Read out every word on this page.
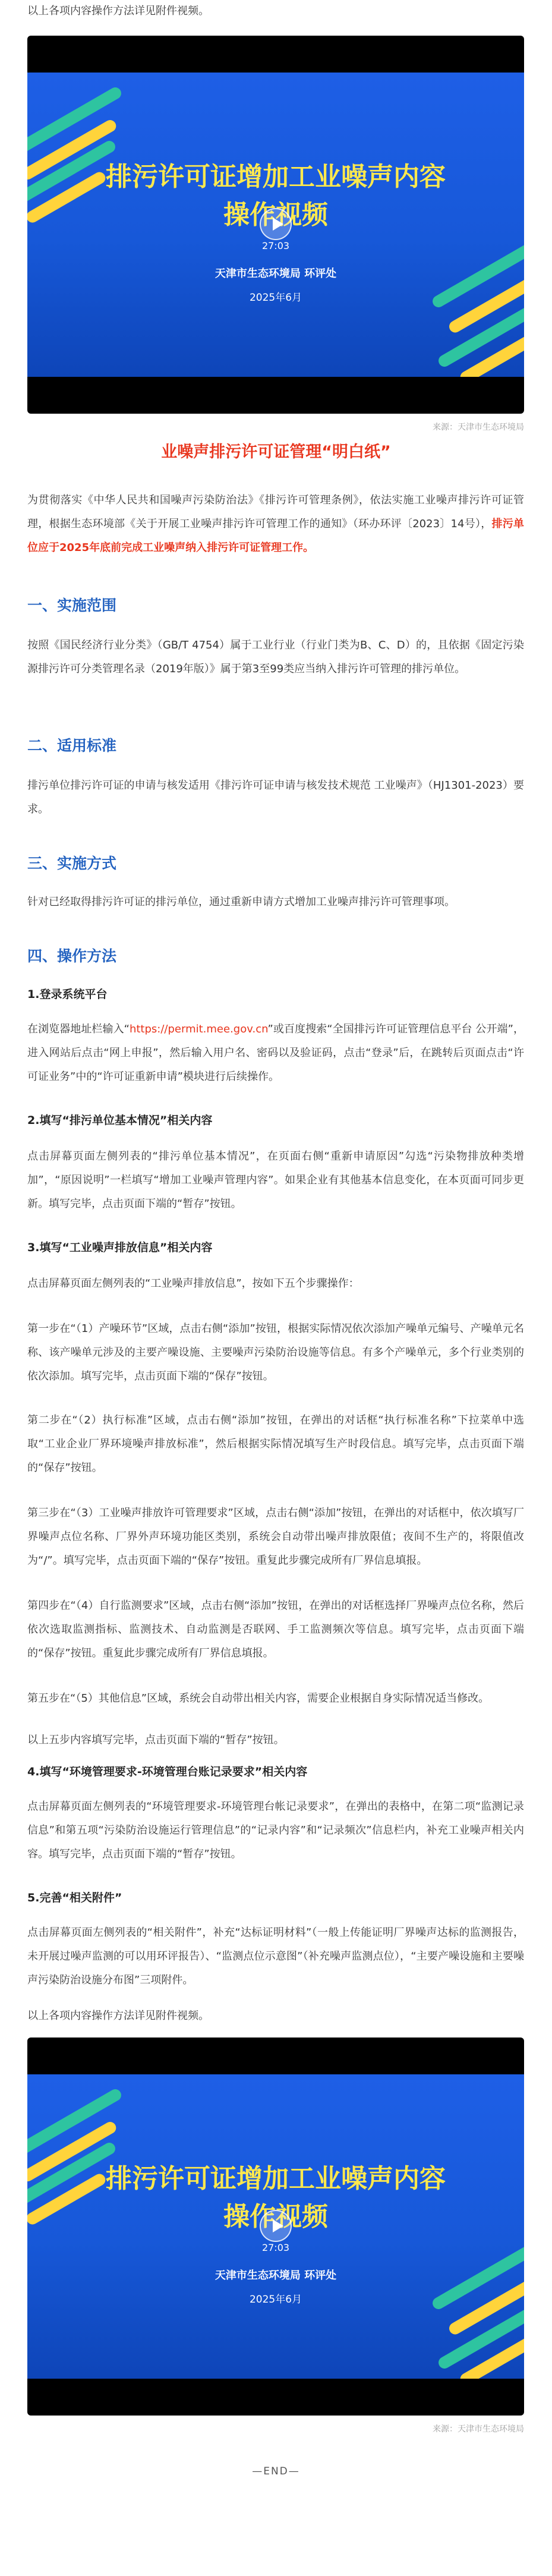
以上各项内容操作方法详见附件视频。

排污许可证增加工业噪声内容
操作视频
27:03
天津市生态环境局 环评处
2025年6月
来源：天津市生态环境局
业噪声排污许可证管理“明白纸”

为贯彻落实《中华人民共和国噪声污染防治法》《排污许可管理条例》，依法实施工业噪声排污许可证管理，根据生态环境部《关于开展工业噪声排污许可管理工作的通知》（环办环评〔2023〕14号），排污单位应于2025年底前完成工业噪声纳入排污许可证管理工作。

一、实施范围

按照《国民经济行业分类》（GB/T 4754）属于工业行业（行业门类为B、C、D）的，且依据《固定污染源排污许可分类管理名录（2019年版）》属于第3至99类应当纳入排污许可管理的排污单位。

二、适用标准

排污单位排污许可证的申请与核发适用《排污许可证申请与核发技术规范 工业噪声》（HJ1301-2023）要求。

三、实施方式

针对已经取得排污许可证的排污单位，通过重新申请方式增加工业噪声排污许可管理事项。

四、操作方法
1.登录系统平台

在浏览器地址栏输入“https://permit.mee.gov.cn”或百度搜索“全国排污许可证管理信息平台 公开端”，进入网站后点击“网上申报”，然后输入用户名、密码以及验证码，点击“登录”后，在跳转后页面点击“许可证业务”中的“许可证重新申请”模块进行后续操作。

2.填写“排污单位基本情况”相关内容

点击屏幕页面左侧列表的“排污单位基本情况”，在页面右侧“重新申请原因”勾选“污染物排放种类增加”，“原因说明”一栏填写“增加工业噪声管理内容”。如果企业有其他基本信息变化，在本页面可同步更新。填写完毕，点击页面下端的“暂存”按钮。

3.填写“工业噪声排放信息”相关内容

点击屏幕页面左侧列表的“工业噪声排放信息”，按如下五个步骤操作：

第一步在“（1）产噪环节”区域，点击右侧“添加”按钮，根据实际情况依次添加产噪单元编号、产噪单元名称、该产噪单元涉及的主要产噪设施、主要噪声污染防治设施等信息。有多个产噪单元，多个行业类别的依次添加。填写完毕，点击页面下端的“保存”按钮。

第二步在“（2）执行标准”区域，点击右侧“添加”按钮，在弹出的对话框“执行标准名称”下拉菜单中选取“工业企业厂界环境噪声排放标准”，然后根据实际情况填写生产时段信息。填写完毕，点击页面下端的“保存”按钮。

第三步在“（3）工业噪声排放许可管理要求”区域，点击右侧“添加”按钮，在弹出的对话框中，依次填写厂界噪声点位名称、厂界外声环境功能区类别，系统会自动带出噪声排放限值；夜间不生产的，将限值改为“/”。填写完毕，点击页面下端的“保存”按钮。重复此步骤完成所有厂界信息填报。

第四步在“（4）自行监测要求”区域，点击右侧“添加”按钮，在弹出的对话框选择厂界噪声点位名称，然后依次选取监测指标、监测技术、自动监测是否联网、手工监测频次等信息。填写完毕，点击页面下端的“保存”按钮。重复此步骤完成所有厂界信息填报。

第五步在“（5）其他信息”区域，系统会自动带出相关内容，需要企业根据自身实际情况适当修改。

以上五步内容填写完毕，点击页面下端的“暂存”按钮。

4.填写“环境管理要求-环境管理台账记录要求”相关内容

点击屏幕页面左侧列表的“环境管理要求-环境管理台帐记录要求”，在弹出的表格中，在第二项“监测记录信息”和第五项“污染防治设施运行管理信息”的“记录内容”和“记录频次”信息栏内，补充工业噪声相关内容。填写完毕，点击页面下端的“暂存”按钮。

5.完善“相关附件”

点击屏幕页面左侧列表的“相关附件”，补充“达标证明材料”（一般上传能证明厂界噪声达标的监测报告，未开展过噪声监测的可以用环评报告）、“监测点位示意图”（补充噪声监测点位），“主要产噪设施和主要噪声污染防治设施分布图”三项附件。

以上各项内容操作方法详见附件视频。

排污许可证增加工业噪声内容
操作视频
27:03
天津市生态环境局 环评处
2025年6月
来源：天津市生态环境局
—END—
